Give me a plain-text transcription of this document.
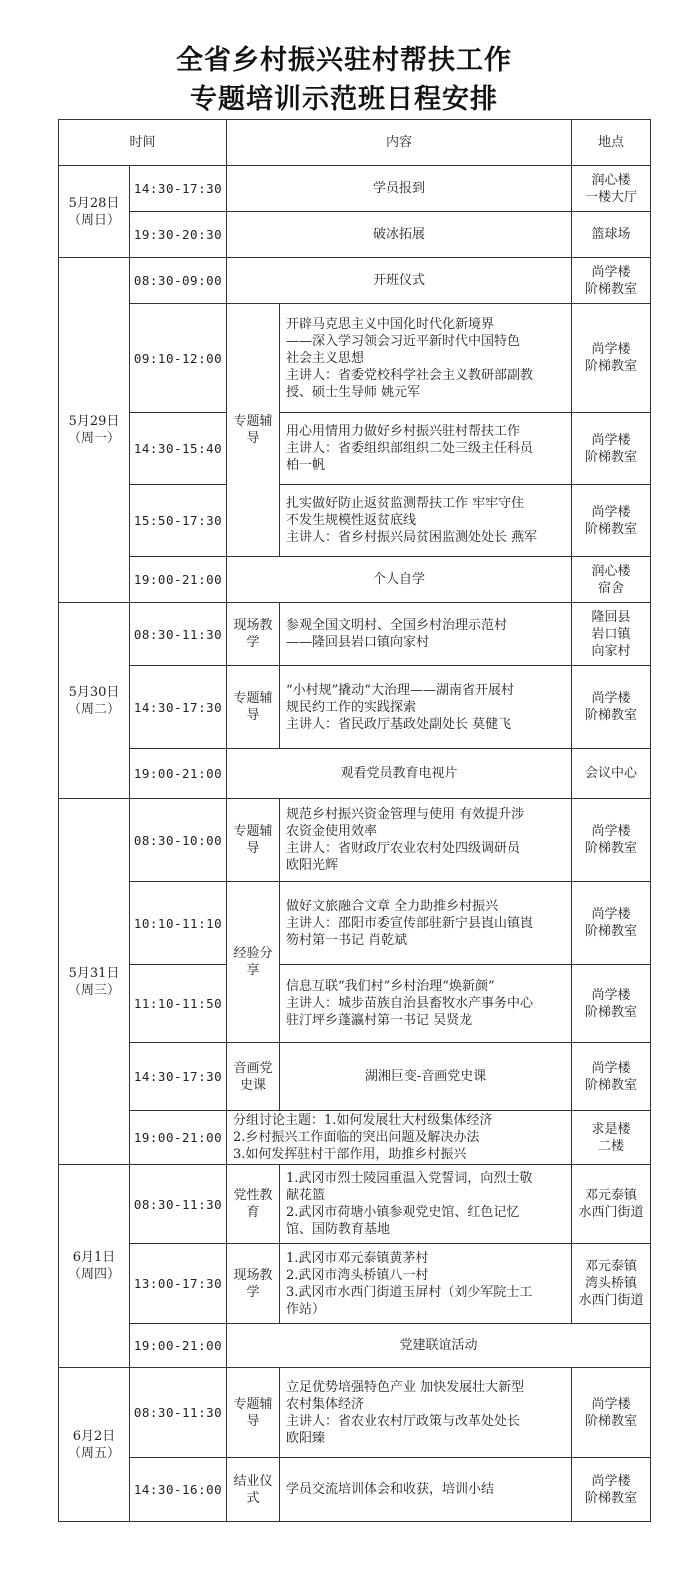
全省乡村振兴驻村帮扶工作
专题培训示范班日程安排
时间		内容		地点

5月28日
（周日）	14:30-17:30	学员报到		润心楼
一楼大厅

	19:30-20:30	破冰拓展		篮球场

5月29日
（周一）	08:30-09:00	开班仪式		尚学楼
阶梯教室

	09:10-12:00	专题辅导	开辟马克思主义中国化时代化新境界
——深入学习领会习近平新时代中国特色
社会主义思想
主讲人：省委党校科学社会主义教研部副教
授、硕士生导师 姚元军	尚学楼
阶梯教室

	14:30-15:40		用心用情用力做好乡村振兴驻村帮扶工作
主讲人：省委组织部组织二处三级主任科员
柏一帆	尚学楼
阶梯教室

	15:50-17:30		扎实做好防止返贫监测帮扶工作 牢牢守住
不发生规模性返贫底线
主讲人：省乡村振兴局贫困监测处处长 燕军	尚学楼
阶梯教室

	19:00-21:00	个人自学		润心楼
宿舍

5月30日
（周二）	08:30-11:30	现场教学	参观全国文明村、全国乡村治理示范村
——隆回县岩口镇向家村	隆回县
岩口镇
向家村

	14:30-17:30	专题辅导	“小村规”撬动“大治理——湖南省开展村
规民约工作的实践探索
主讲人：省民政厅基政处副处长 莫健飞	尚学楼
阶梯教室

	19:00-21:00	观看党员教育电视片		会议中心

5月31日
（周三）	08:30-10:00	专题辅导	规范乡村振兴资金管理与使用 有效提升涉
农资金使用效率
主讲人：省财政厅农业农村处四级调研员
欧阳光辉	尚学楼
阶梯教室

	10:10-11:10	经验分享	做好文旅融合文章 全力助推乡村振兴
主讲人：邵阳市委宣传部驻新宁县崀山镇崀
笏村第一书记 肖乾斌	尚学楼
阶梯教室

	11:10-11:50		信息互联“我们村”乡村治理“焕新颜”
主讲人：城步苗族自治县畜牧水产事务中心
驻汀坪乡蓬瀛村第一书记 吴贤龙	尚学楼
阶梯教室

	14:30-17:30	音画党史课	湖湘巨变-音画党史课	尚学楼
阶梯教室

	19:00-21:00	分组讨论主题：1.如何发展壮大村级集体经济
2.乡村振兴工作面临的突出问题及解决办法
3.如何发挥驻村干部作用，助推乡村振兴		求是楼
二楼

6月1日
（周四）	08:30-11:30	党性教育	1.武冈市烈士陵园重温入党誓词，向烈士敬
献花篮
2.武冈市荷塘小镇参观党史馆、红色记忆
馆、国防教育基地	邓元泰镇
水西门街道

	13:00-17:30	现场教学	1.武冈市邓元泰镇黄茅村
2.武冈市湾头桥镇八一村
3.武冈市水西门街道玉屏村（刘少军院士工
作站）	邓元泰镇
湾头桥镇
水西门街道

	19:00-21:00	党建联谊活动		

6月2日
（周五）	08:30-11:30	专题辅导	立足优势培强特色产业 加快发展壮大新型
农村集体经济
主讲人：省农业农村厅政策与改革处处长
欧阳臻	尚学楼
阶梯教室

	14:30-16:00	结业仪式	学员交流培训体会和收获，培训小结	尚学楼
阶梯教室
